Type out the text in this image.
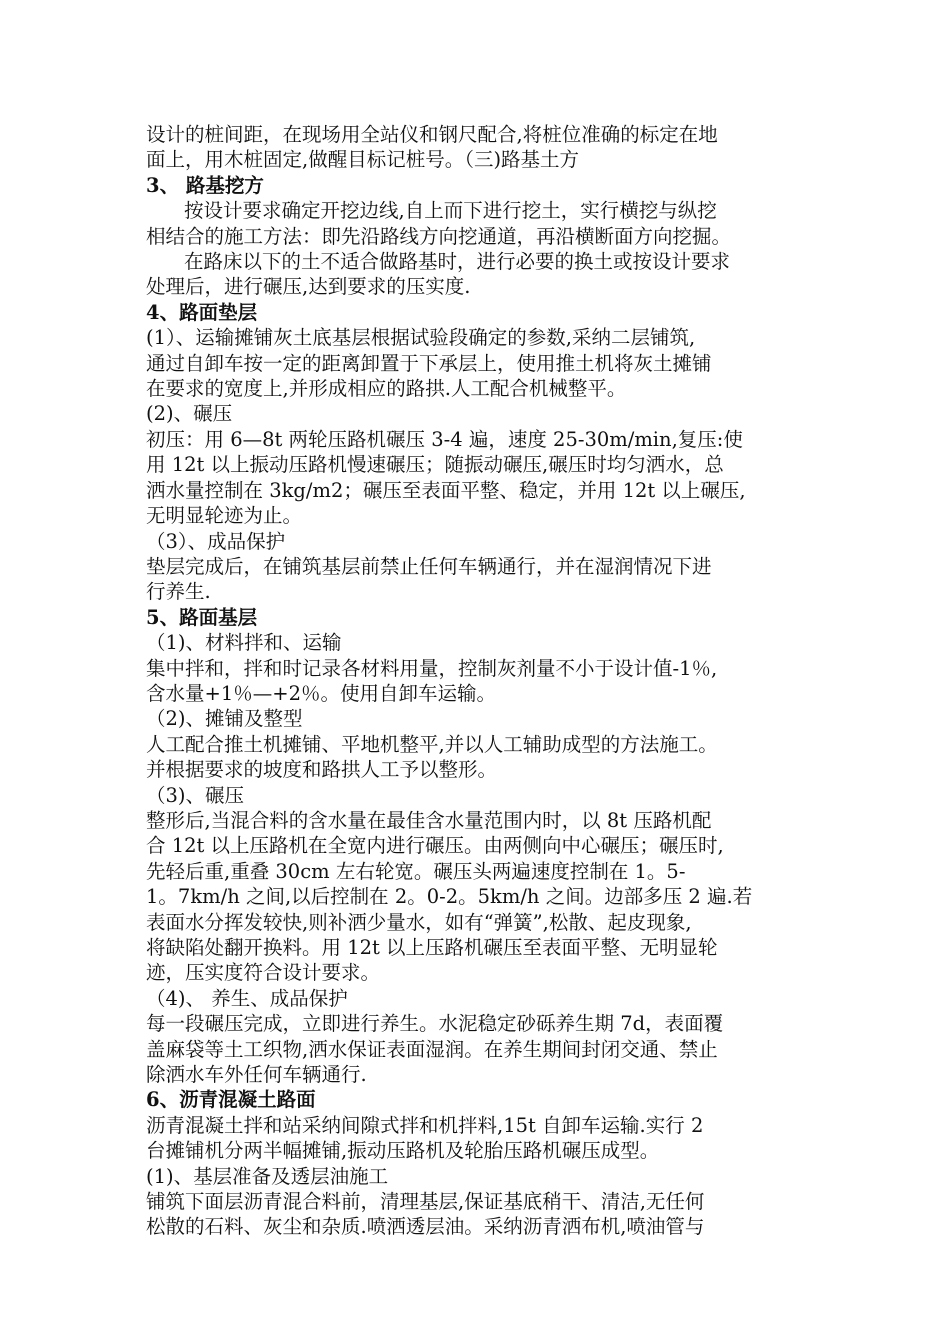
设计的桩间距，在现场用全站仪和钢尺配合,将桩位准确的标定在地
面上，用木桩固定,做醒目标记桩号。（三)路基土方
3、 路基挖方
按设计要求确定开挖边线,自上而下进行挖土，实行横挖与纵挖
相结合的施工方法：即先沿路线方向挖通道，再沿横断面方向挖掘。
在路床以下的土不适合做路基时，进行必要的换土或按设计要求
处理后，进行碾压,达到要求的压实度.
4、路面垫层
(1）、运输摊铺灰土底基层根据试验段确定的参数,采纳二层铺筑,
通过自卸车按一定的距离卸置于下承层上，使用推土机将灰土摊铺
在要求的宽度上,并形成相应的路拱.人工配合机械整平。
(2)、碾压
初压：用 6—8t 两轮压路机碾压 3-4 遍，速度 25-30m/min,复压:使
用 12t 以上振动压路机慢速碾压；随振动碾压,碾压时均匀洒水，总
洒水量控制在 3kg/m2；碾压至表面平整、稳定，并用 12t 以上碾压,
无明显轮迹为止。
（3）、成品保护
垫层完成后，在铺筑基层前禁止任何车辆通行，并在湿润情况下进
行养生.
5、路面基层
（1)、材料拌和、运输
集中拌和，拌和时记录各材料用量，控制灰剂量不小于设计值-1％,
含水量+1％—+2％。使用自卸车运输。
（2)、摊铺及整型
人工配合推土机摊铺、平地机整平,并以人工辅助成型的方法施工。
并根据要求的坡度和路拱人工予以整形。
（3)、碾压
整形后,当混合料的含水量在最佳含水量范围内时，以 8t 压路机配
合 12t 以上压路机在全宽内进行碾压。由两侧向中心碾压；碾压时,
先轻后重,重叠 30cm 左右轮宽。碾压头两遍速度控制在 1。5-
1。7km/h 之间,以后控制在 2。0-2。5km/h 之间。边部多压 2 遍.若
表面水分挥发较快,则补洒少量水，如有“弹簧”,松散、起皮现象,
将缺陷处翻开换料。用 12t 以上压路机碾压至表面平整、无明显轮
迹，压实度符合设计要求。
（4)、 养生、成品保护
每一段碾压完成，立即进行养生。水泥稳定砂砾养生期 7d，表面覆
盖麻袋等土工织物,洒水保证表面湿润。在养生期间封闭交通、禁止
除洒水车外任何车辆通行.
6、沥青混凝土路面
沥青混凝土拌和站采纳间隙式拌和机拌料,15t 自卸车运输.实行 2
台摊铺机分两半幅摊铺,振动压路机及轮胎压路机碾压成型。
(1)、基层准备及透层油施工
铺筑下面层沥青混合料前，清理基层,保证基底稍干、清洁,无任何
松散的石料、灰尘和杂质.喷洒透层油。采纳沥青洒布机,喷油管与
